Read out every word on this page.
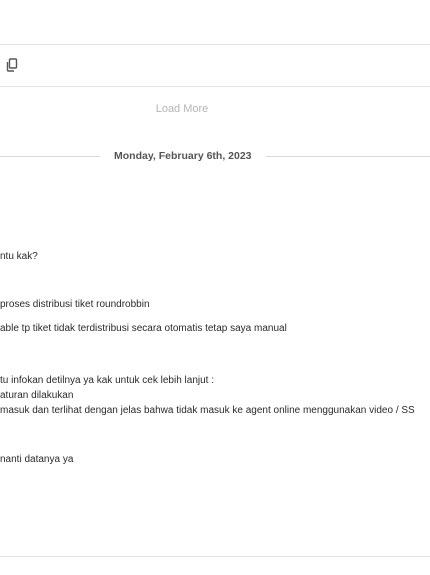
Load More
Monday, February 6th, 2023
ntu kak?
proses distribusi tiket roundrobbin
able tp tiket tidak terdistribusi secara otomatis tetap saya manual
tu infokan detilnya ya kak untuk cek lebih lanjut :
aturan dilakukan
masuk dan terlihat dengan jelas bahwa tidak masuk ke agent online menggunakan video / SS
nanti datanya ya
